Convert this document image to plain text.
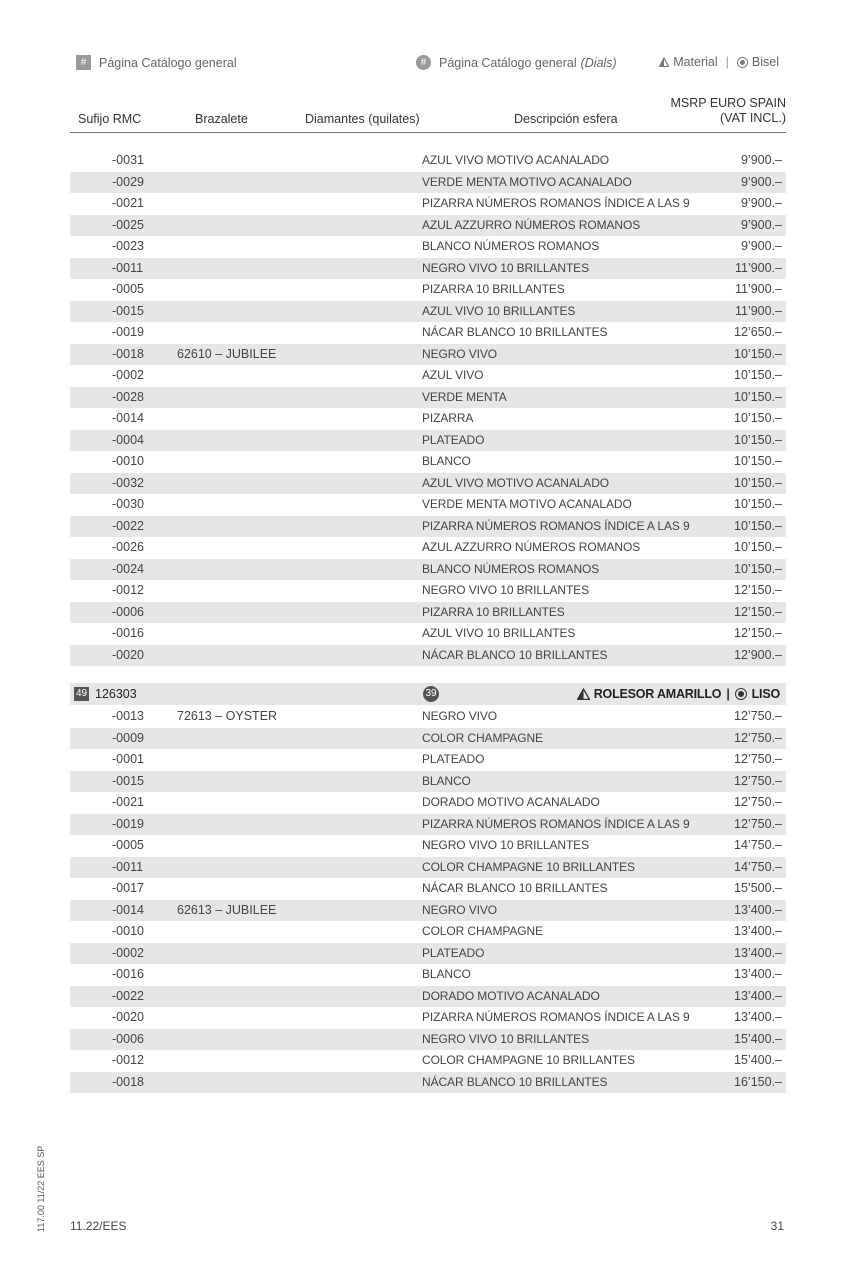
#	Página Catálogo general	#	Página Catálogo general (Dials)	Material | Bisel
Sufijo RMC	Brazalete	Diamantes (quilates)	Descripción esfera
MSRP EURO SPAIN
(VAT INCL.)
-0031	AZUL VIVO MOTIVO ACANALADO	9’900.–
-0029	VERDE MENTA MOTIVO ACANALADO	9’900.–
-0021	PIZARRA NÚMEROS ROMANOS ÍNDICE A LAS 9	9’900.–
-0025	AZUL AZZURRO NÚMEROS ROMANOS	9’900.–
-0023	BLANCO NÚMEROS ROMANOS	9’900.–
-0011	NEGRO VIVO 10 BRILLANTES	11’900.–
-0005	PIZARRA 10 BRILLANTES	11’900.–
-0015	AZUL VIVO 10 BRILLANTES	11’900.–
-0019	NÁCAR BLANCO 10 BRILLANTES	12’650.–
-0018	62610 – JUBILEE	NEGRO VIVO	10’150.–
-0002	AZUL VIVO	10’150.–
-0028	VERDE MENTA	10’150.–
-0014	PIZARRA	10’150.–
-0004	PLATEADO	10’150.–
-0010	BLANCO	10’150.–
-0032	AZUL VIVO MOTIVO ACANALADO	10’150.–
-0030	VERDE MENTA MOTIVO ACANALADO	10’150.–
-0022	PIZARRA NÚMEROS ROMANOS ÍNDICE A LAS 9	10’150.–
-0026	AZUL AZZURRO NÚMEROS ROMANOS	10’150.–
-0024	BLANCO NÚMEROS ROMANOS	10’150.–
-0012	NEGRO VIVO 10 BRILLANTES	12’150.–
-0006	PIZARRA 10 BRILLANTES	12’150.–
-0016	AZUL VIVO 10 BRILLANTES	12’150.–
-0020	NÁCAR BLANCO 10 BRILLANTES	12’900.–
49 126303	39	ROLESOR AMARILLO | LISO
-0013	72613 – OYSTER	NEGRO VIVO	12’750.–
-0009	COLOR CHAMPAGNE	12’750.–
-0001	PLATEADO	12’750.–
-0015	BLANCO	12’750.–
-0021	DORADO MOTIVO ACANALADO	12’750.–
-0019	PIZARRA NÚMEROS ROMANOS ÍNDICE A LAS 9	12’750.–
-0005	NEGRO VIVO 10 BRILLANTES	14’750.–
-0011	COLOR CHAMPAGNE 10 BRILLANTES	14’750.–
-0017	NÁCAR BLANCO 10 BRILLANTES	15’500.–
-0014	62613 – JUBILEE	NEGRO VIVO	13’400.–
-0010	COLOR CHAMPAGNE	13’400.–
-0002	PLATEADO	13’400.–
-0016	BLANCO	13’400.–
-0022	DORADO MOTIVO ACANALADO	13’400.–
-0020	PIZARRA NÚMEROS ROMANOS ÍNDICE A LAS 9	13’400.–
-0006	NEGRO VIVO 10 BRILLANTES	15’400.–
-0012	COLOR CHAMPAGNE 10 BRILLANTES	15’400.–
-0018	NÁCAR BLANCO 10 BRILLANTES	16’150.–
117.00 11/22 EES SP 11.22/EES	31
